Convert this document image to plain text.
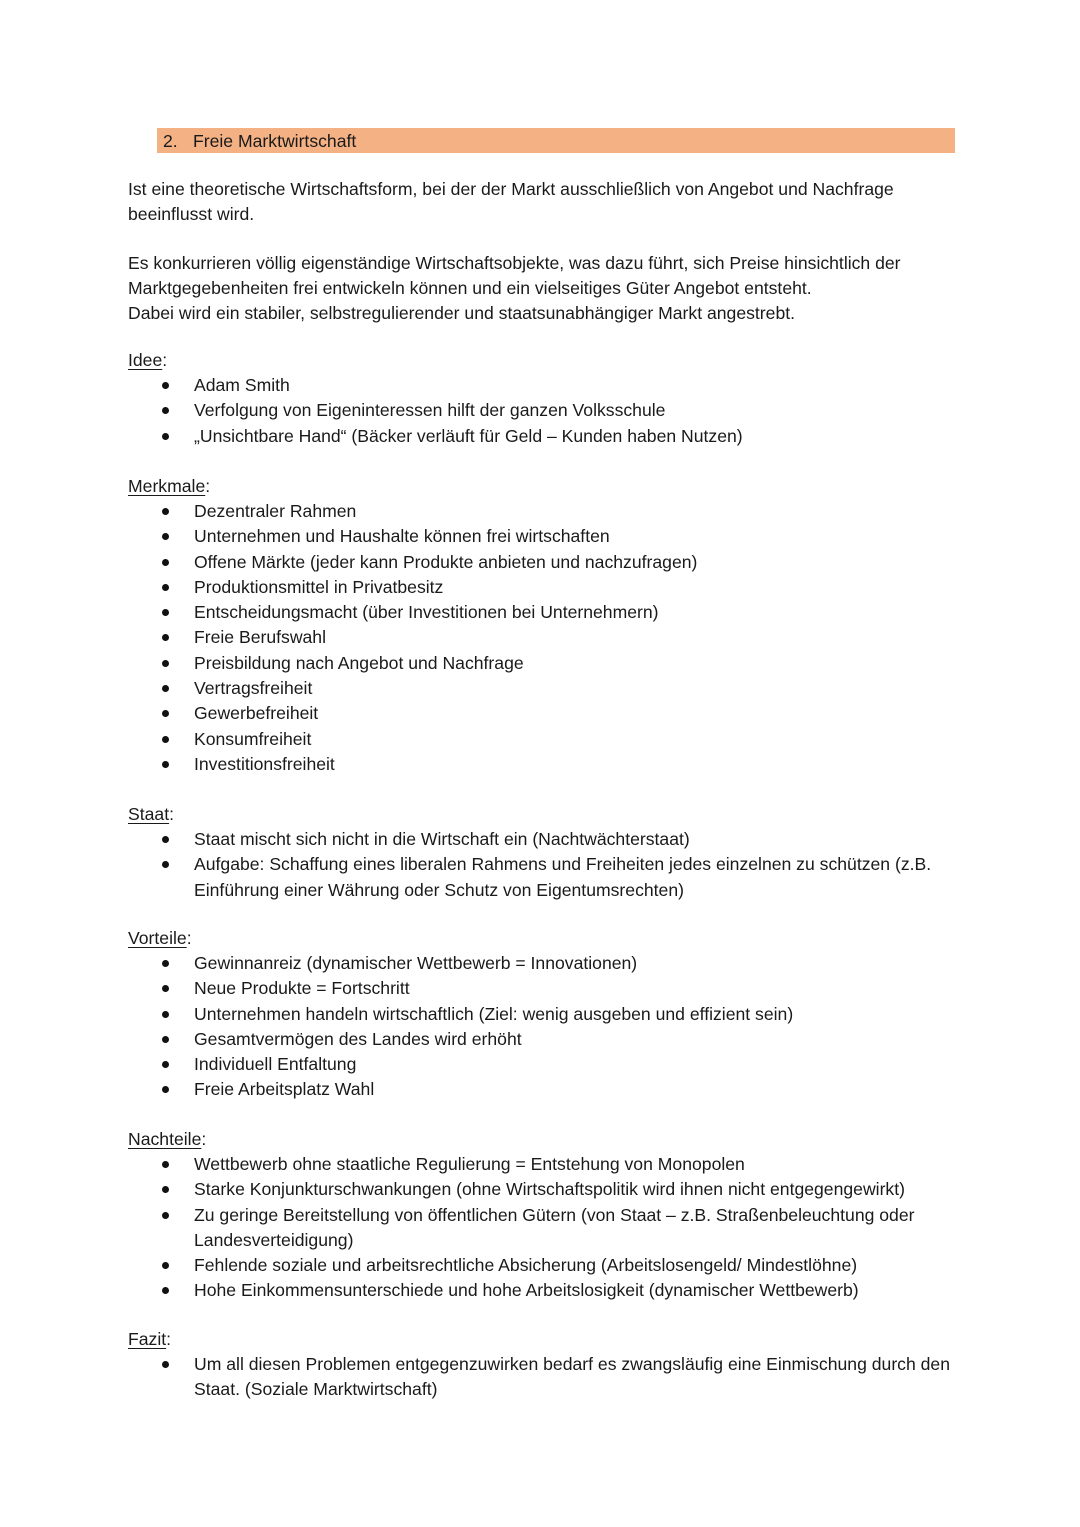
2. Freie Marktwirtschaft

Ist eine theoretische Wirtschaftsform, bei der der Markt ausschließlich von Angebot und Nachfrage beeinflusst wird.

Es konkurrieren völlig eigenständige Wirtschaftsobjekte, was dazu führt, sich Preise hinsichtlich der Marktgegebenheiten frei entwickeln können und ein vielseitiges Güter Angebot entsteht.
Dabei wird ein stabiler, selbstregulierender und staatsunabhängiger Markt angestrebt.

Idee:

Adam Smith
Verfolgung von Eigeninteressen hilft der ganzen Volksschule
„Unsichtbare Hand“ (Bäcker verläuft für Geld – Kunden haben Nutzen)

Merkmale:

Dezentraler Rahmen
Unternehmen und Haushalte können frei wirtschaften
Offene Märkte (jeder kann Produkte anbieten und nachzufragen)
Produktionsmittel in Privatbesitz
Entscheidungsmacht (über Investitionen bei Unternehmern)
Freie Berufswahl
Preisbildung nach Angebot und Nachfrage
Vertragsfreiheit
Gewerbefreiheit
Konsumfreiheit
Investitionsfreiheit

Staat:

Staat mischt sich nicht in die Wirtschaft ein (Nachtwächterstaat)
Aufgabe: Schaffung eines liberalen Rahmens und Freiheiten jedes einzelnen zu schützen (z.B. Einführung einer Währung oder Schutz von Eigentumsrechten)

Vorteile:

Gewinnanreiz (dynamischer Wettbewerb = Innovationen)
Neue Produkte = Fortschritt
Unternehmen handeln wirtschaftlich (Ziel: wenig ausgeben und effizient sein)
Gesamtvermögen des Landes wird erhöht
Individuell Entfaltung
Freie Arbeitsplatz Wahl

Nachteile:

Wettbewerb ohne staatliche Regulierung = Entstehung von Monopolen
Starke Konjunkturschwankungen (ohne Wirtschaftspolitik wird ihnen nicht entgegengewirkt)
Zu geringe Bereitstellung von öffentlichen Gütern (von Staat – z.B. Straßenbeleuchtung oder Landesverteidigung)
Fehlende soziale und arbeitsrechtliche Absicherung (Arbeitslosengeld/ Mindestlöhne)
Hohe Einkommensunterschiede und hohe Arbeitslosigkeit (dynamischer Wettbewerb)

Fazit:

Um all diesen Problemen entgegenzuwirken bedarf es zwangsläufig eine Einmischung durch den Staat. (Soziale Marktwirtschaft)
